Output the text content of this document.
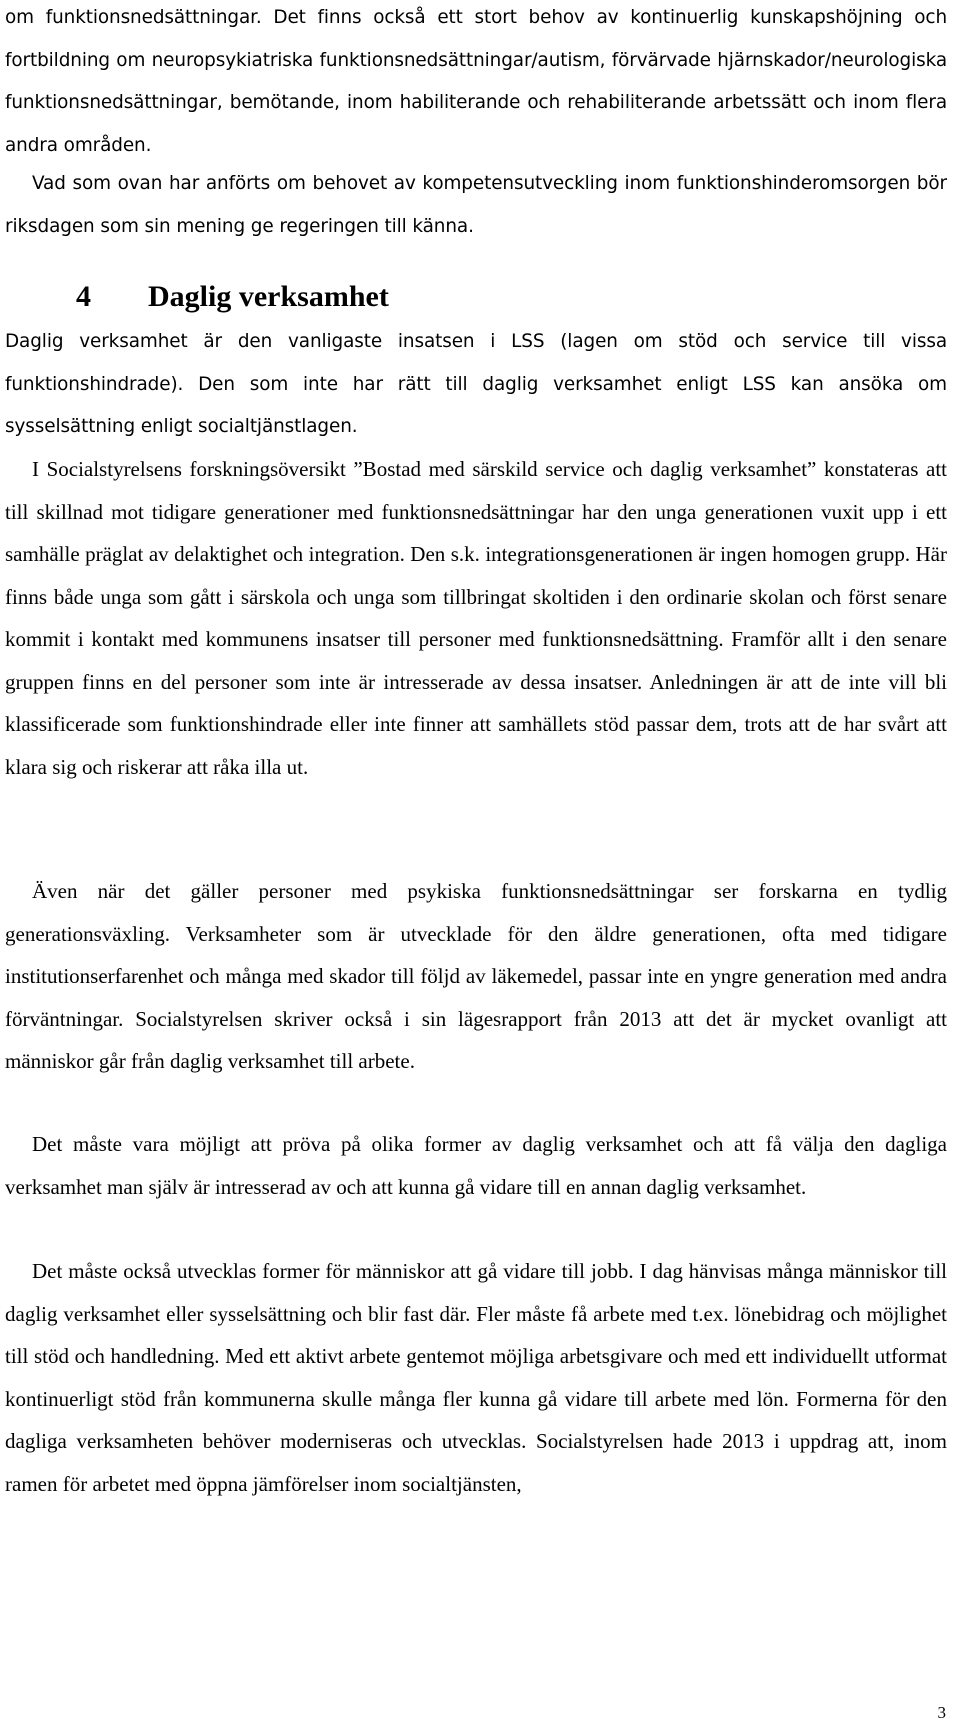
om funktionsnedsättningar. Det finns också ett stort behov av kontinuerlig kunskapshöjning och fortbildning om neuropsykiatriska funktionsnedsättningar/autism, förvärvade hjärnskador/neurologiska funktionsnedsättningar, bemötande, inom habiliterande och rehabiliterande arbetssätt och inom flera andra områden.

Vad som ovan har anförts om behovet av kompetensutveckling inom funktionshinderomsorgen bör riksdagen som sin mening ge regeringen till känna.

4 Daglig verksamhet

Daglig verksamhet är den vanligaste insatsen i LSS (lagen om stöd och service till vissa funktionshindrade). Den som inte har rätt till daglig verksamhet enligt LSS kan ansöka om sysselsättning enligt socialtjänstlagen.

I Socialstyrelsens forskningsöversikt ”Bostad med särskild service och daglig verksamhet” konstateras att till skillnad mot tidigare generationer med funktionsnedsättningar har den unga generationen vuxit upp i ett samhälle präglat av delaktighet och integration. Den s.k. integrationsgenerationen är ingen homogen grupp. Här finns både unga som gått i särskola och unga som tillbringat skoltiden i den ordinarie skolan och först senare kommit i kontakt med kommunens insatser till personer med funktionsnedsättning. Framför allt i den senare gruppen finns en del personer som inte är intresserade av dessa insatser. Anledningen är att de inte vill bli klassificerade som funktionshindrade eller inte finner att samhällets stöd passar dem, trots att de har svårt att klara sig och riskerar att råka illa ut.

Även när det gäller personer med psykiska funktionsnedsättningar ser forskarna en tydlig generationsväxling. Verksamheter som är utvecklade för den äldre generationen, ofta med tidigare institutionserfarenhet och många med skador till följd av läkemedel, passar inte en yngre generation med andra förväntningar. Socialstyrelsen skriver också i sin lägesrapport från 2013 att det är mycket ovanligt att människor går från daglig verksamhet till arbete.

Det måste vara möjligt att pröva på olika former av daglig verksamhet och att få välja den dagliga verksamhet man själv är intresserad av och att kunna gå vidare till en annan daglig verksamhet.

Det måste också utvecklas former för människor att gå vidare till jobb. I dag hänvisas många människor till daglig verksamhet eller sysselsättning och blir fast där. Fler måste få arbete med t.ex. lönebidrag och möjlighet till stöd och handledning. Med ett aktivt arbete gentemot möjliga arbetsgivare och med ett individuellt utformat kontinuerligt stöd från kommunerna skulle många fler kunna gå vidare till arbete med lön. Formerna för den dagliga verksamheten behöver moderniseras och utvecklas. Socialstyrelsen hade 2013 i uppdrag att, inom ramen för arbetet med öppna jämförelser inom socialtjänsten,

3
